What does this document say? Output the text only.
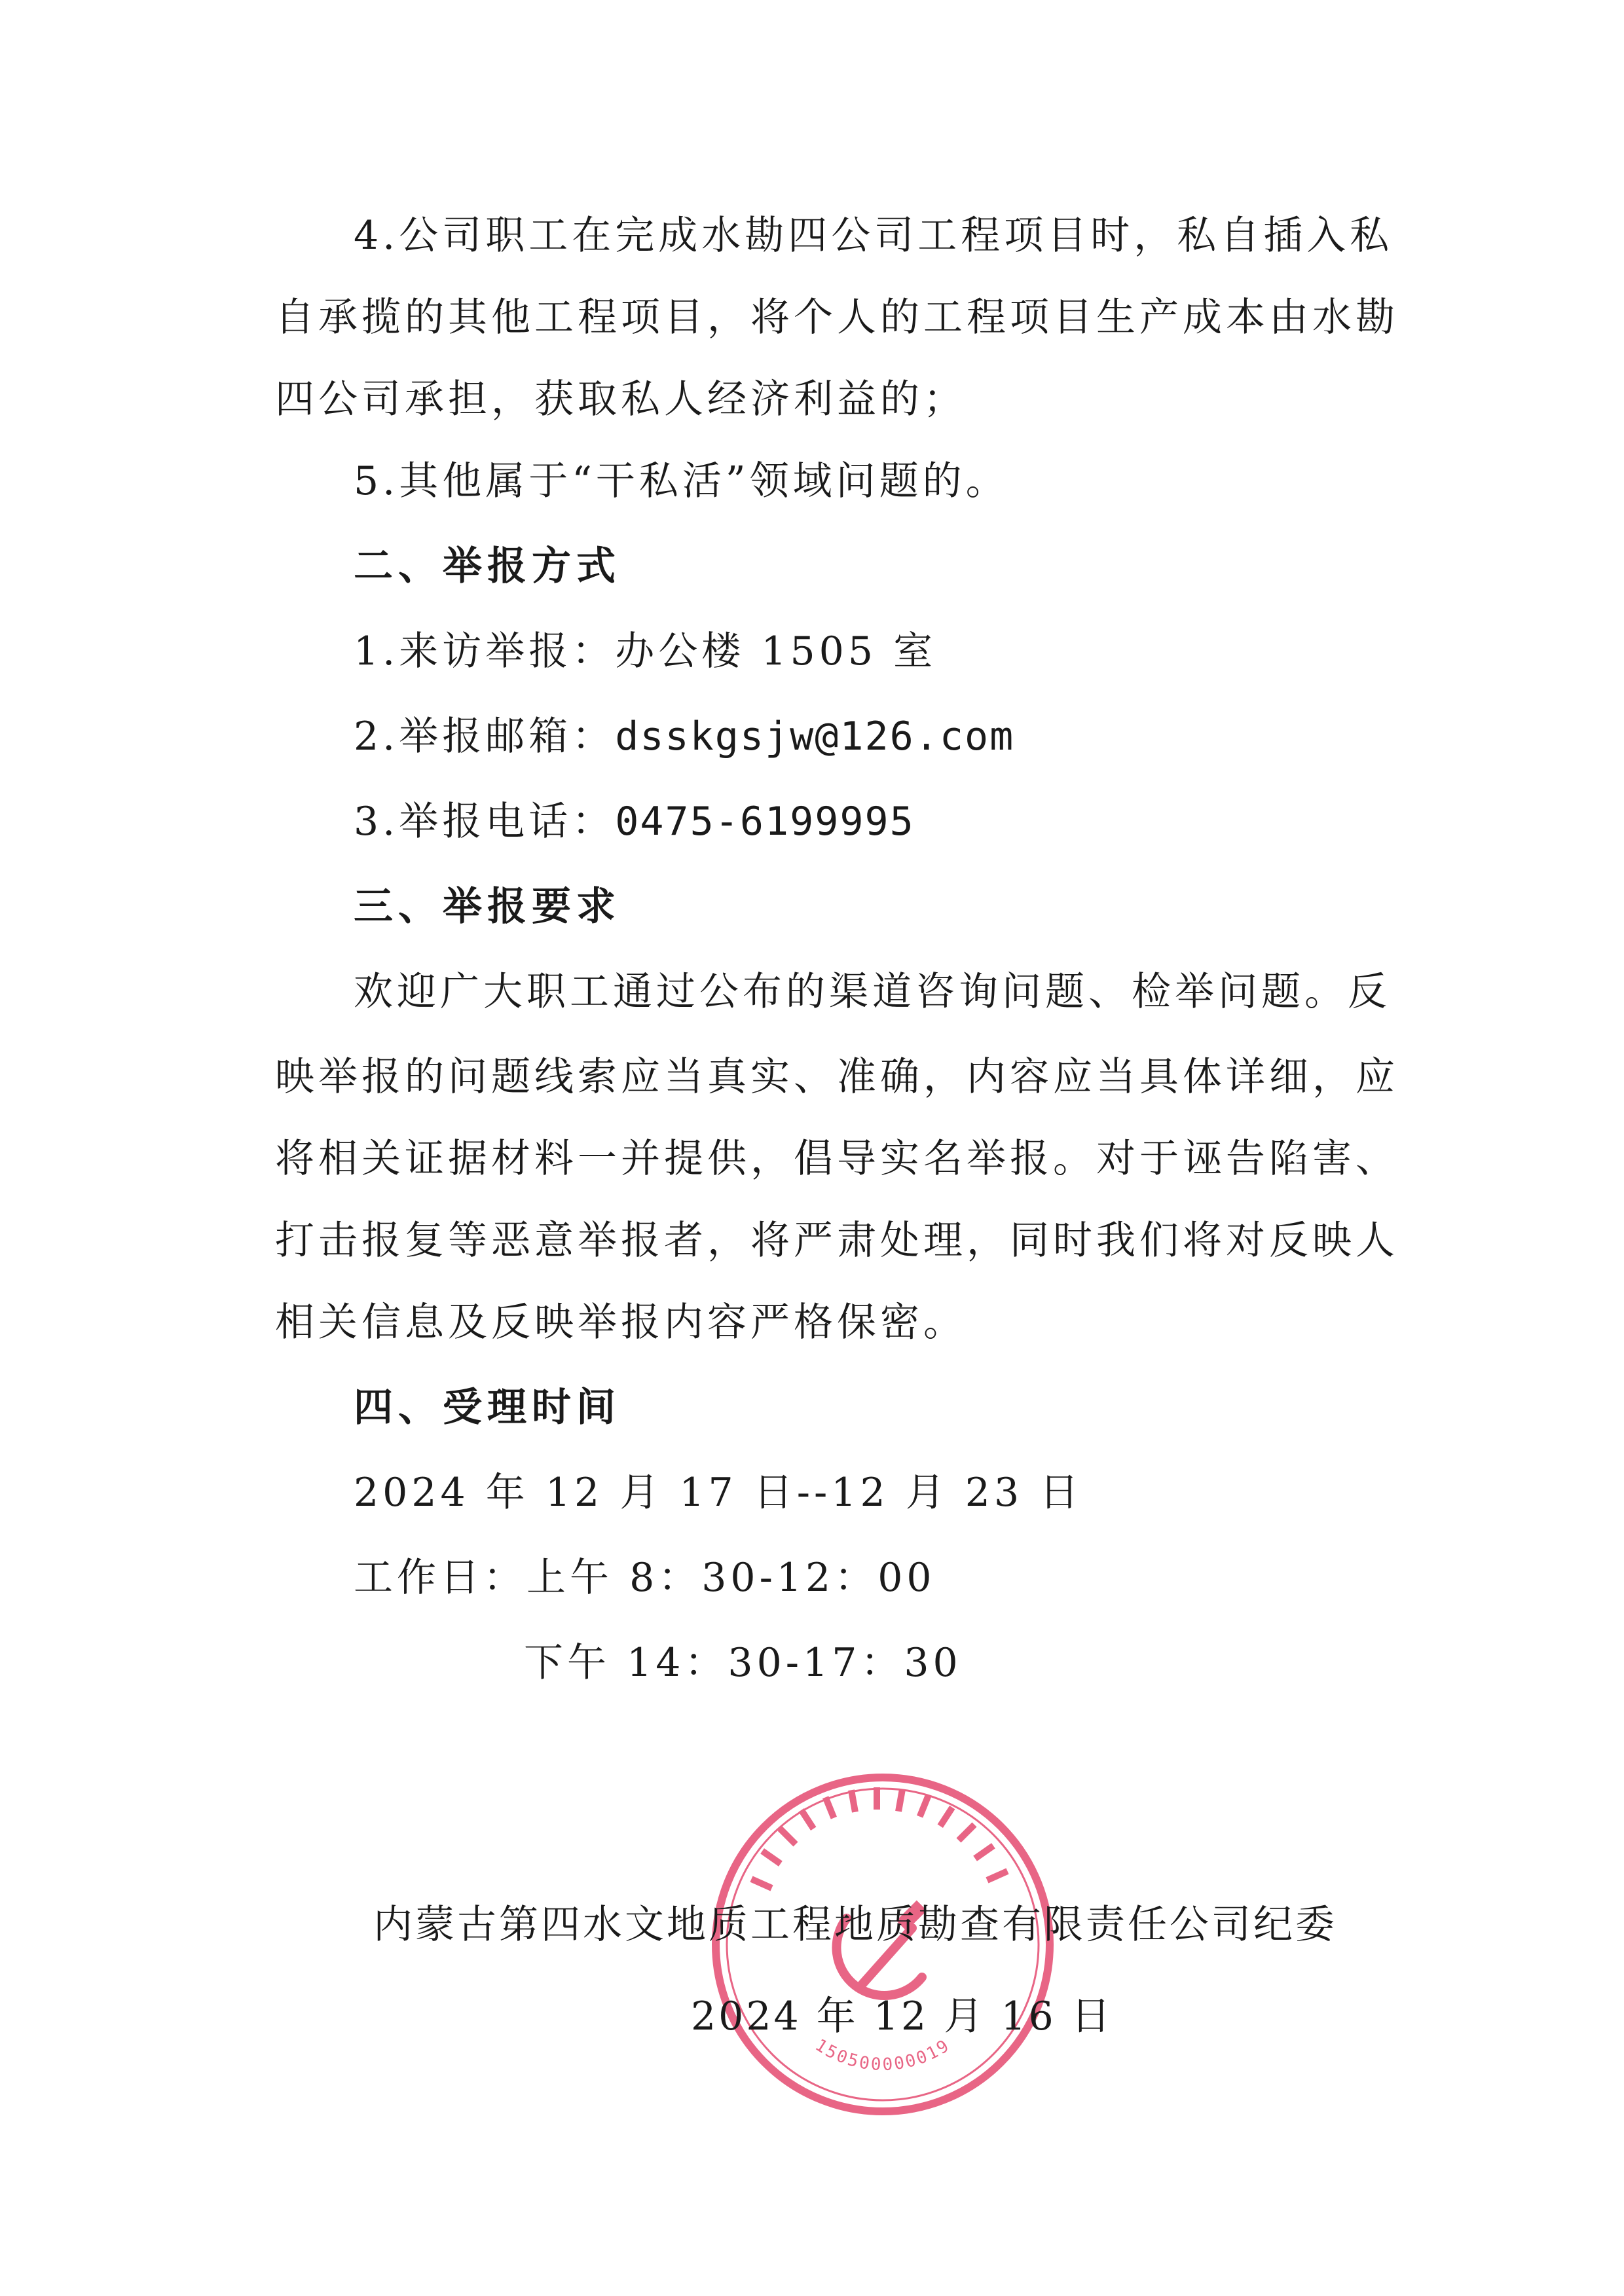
4.公司职工在完成水勘四公司工程项目时，私自插入私
自承揽的其他工程项目，将个人的工程项目生产成本由水勘
四公司承担，获取私人经济利益的；
5.其他属于“干私活”领域问题的。
二、举报方式
1.来访举报：办公楼 1505 室
2.举报邮箱：dsskgsjw@126.com
3.举报电话：0475-6199995
三、举报要求
欢迎广大职工通过公布的渠道咨询问题、检举问题。反
映举报的问题线索应当真实、准确，内容应当具体详细，应
将相关证据材料一并提供，倡导实名举报。对于诬告陷害、
打击报复等恶意举报者，将严肃处理，同时我们将对反映人
相关信息及反映举报内容严格保密。
四、受理时间
2024 年 12 月 17 日--12 月 23 日
工作日：上午 8：30-12：00
下午 14：30-17：30
150500000019
内蒙古第四水文地质工程地质勘查有限责任公司纪委
2024 年 12 月 16 日
